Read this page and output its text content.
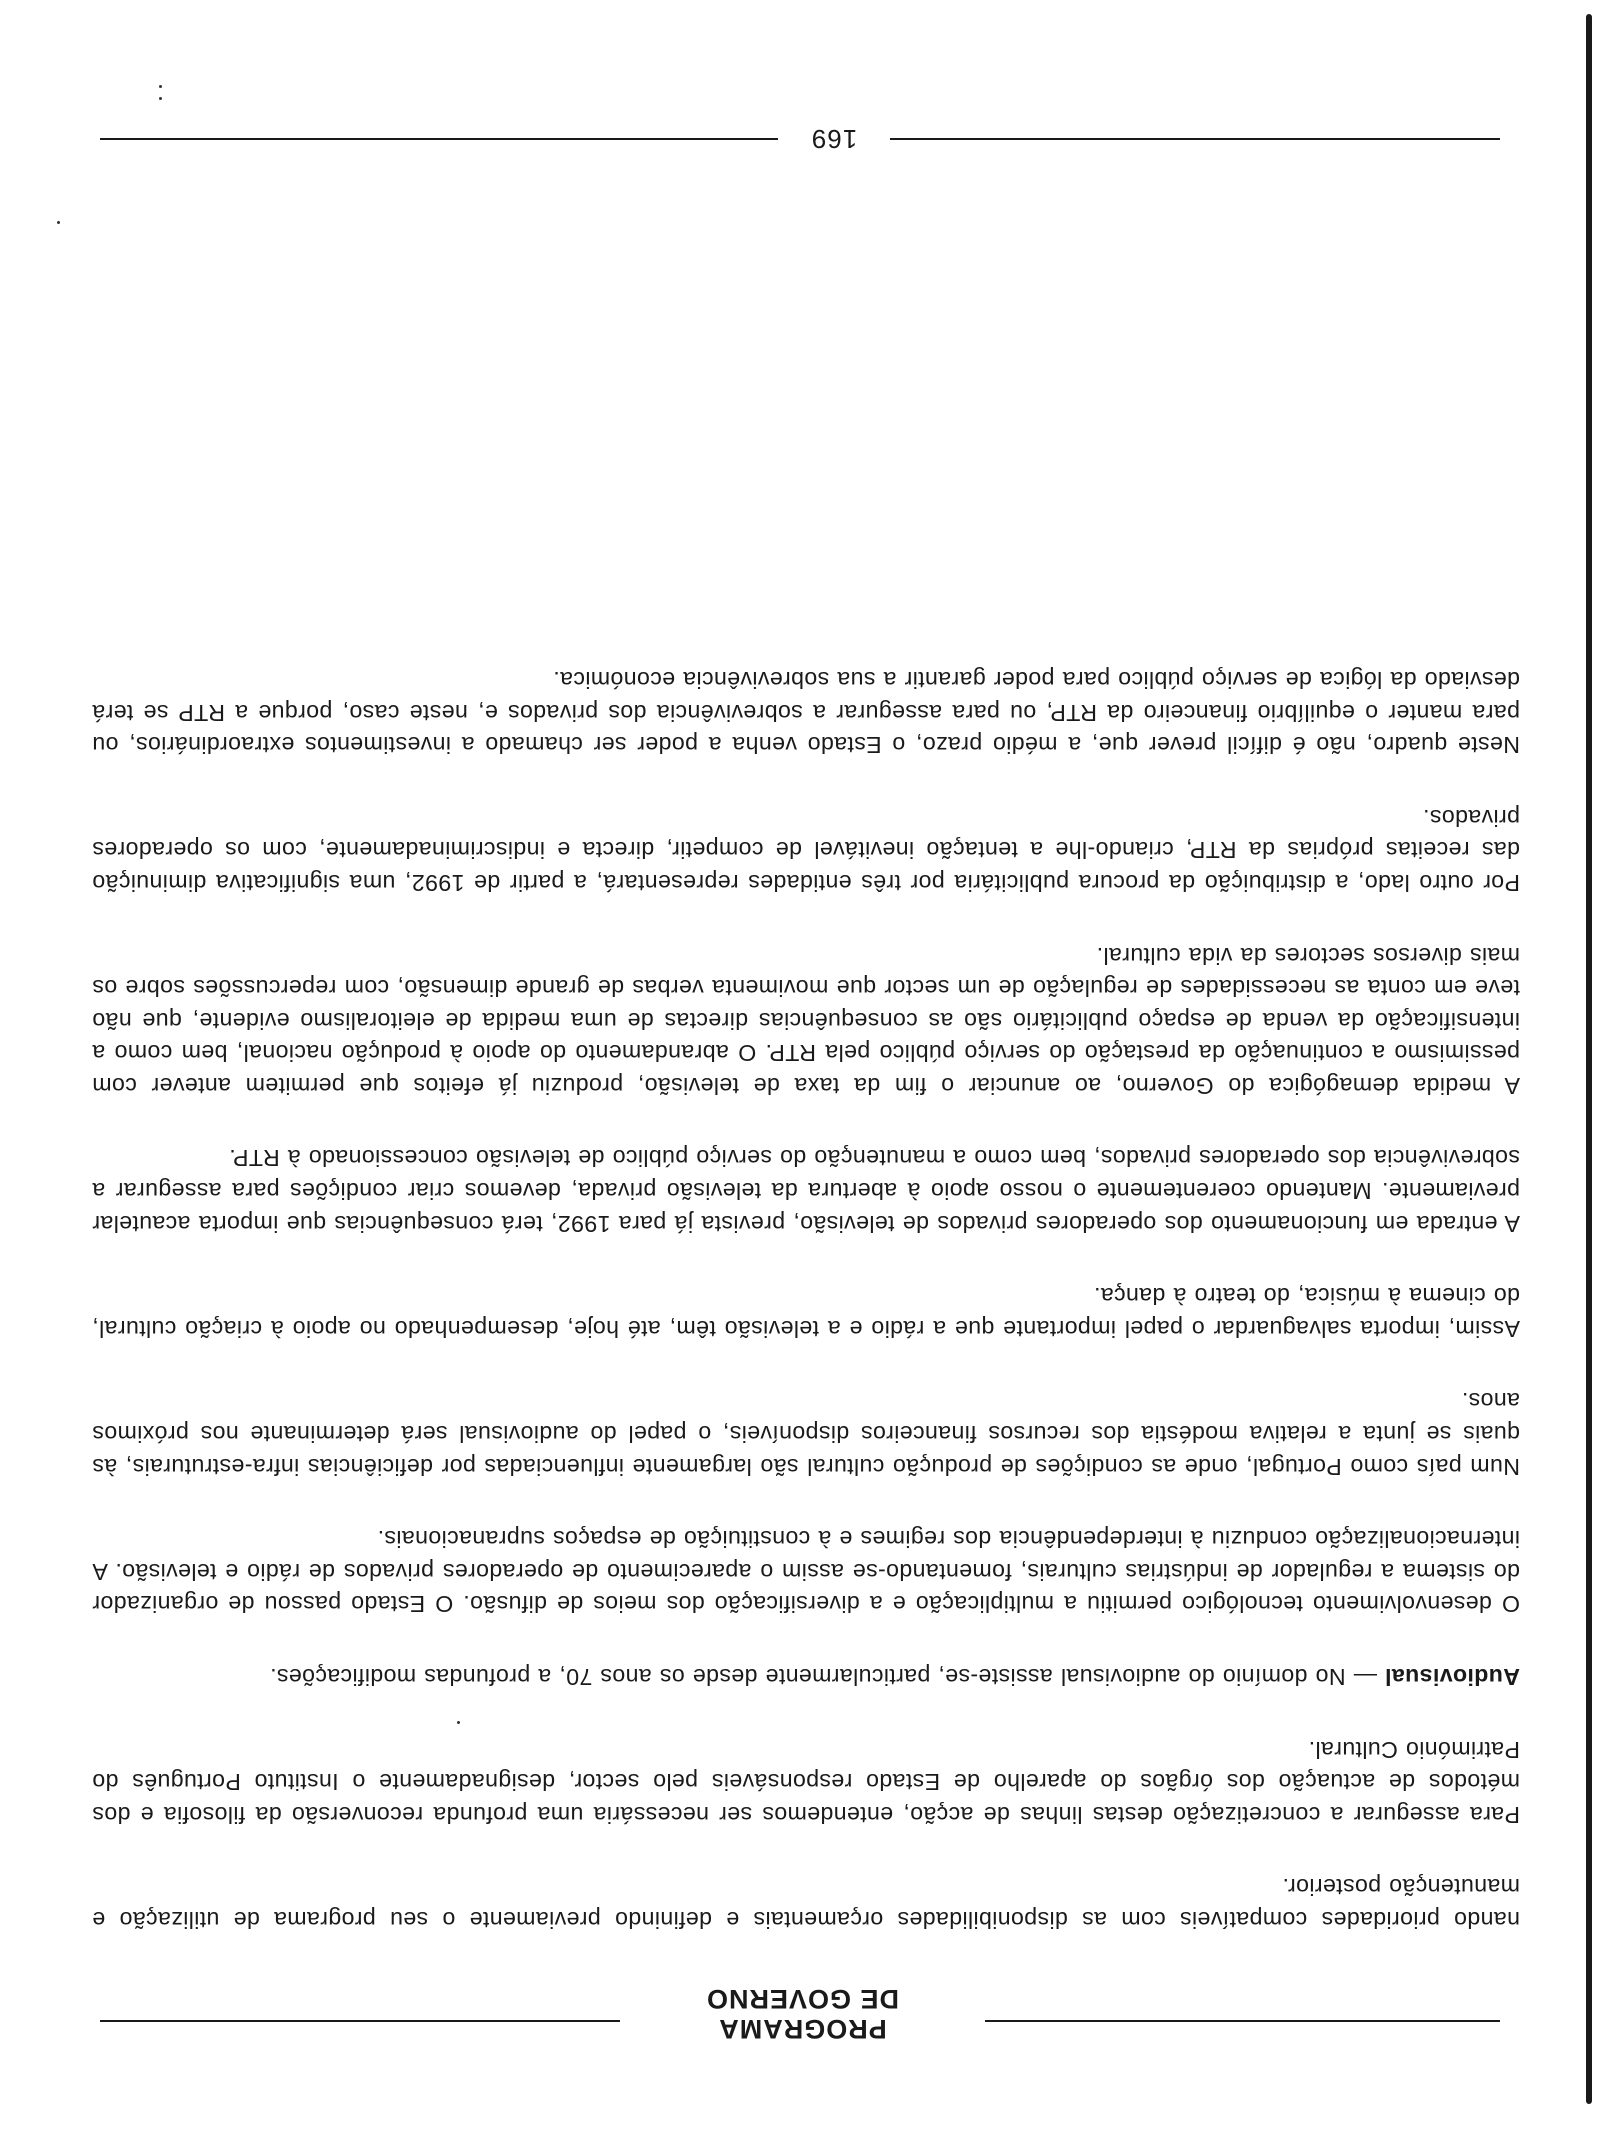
PROGRAMA
DE GOVERNO

nando prioridades compatíveis com as disponibilidades orçamentais e definindo previamente o seu programa de utilização e manutenção posterior.

Para assegurar a concretização destas linhas de acção, entendemos ser necessária uma profunda reconversão da filosofia e dos métodos de actuação dos órgãos do aparelho de Estado responsáveis pelo sector, designadamente o Instituto Português do Património Cultural.

Audiovisual — No domínio do audiovisual assiste-se, particularmente desde os anos 70, a profundas modificações.

O desenvolvimento tecnológico permitiu a multiplicação e a diversificação dos meios de difusão. O Estado passou de organizador do sistema a regulador de indústrias culturais, fomentando-se assim o aparecimento de operadores privados de rádio e televisão. A internacionalização conduziu à interdependência dos regimes e à constituição de espaços supranacionais.

Num país como Portugal, onde as condições de produção cultural são largamente influenciadas por deficiências infra-estruturais, às quais se junta a relativa modéstia dos recursos financeiros disponíveis, o papel do audiovisual será determinante nos próximos anos.

Assim, importa salvaguardar o papel importante que a rádio e a televisão têm, até hoje, desempenhado no apoio à criação cultural, do cinema à música, do teatro à dança.

A entrada em funcionamento dos operadores privados de televisão, prevista já para 1992, terá consequências que importa acautelar previamente. Mantendo coerentemente o nosso apoio à abertura da televisão privada, devemos criar condições para assegurar a sobrevivência dos operadores privados, bem como a manutenção do serviço público de televisão concessionado à RTP.

A medida demagógica do Governo, ao anunciar o fim da taxa de televisão, produziu já efeitos que permitem antever com pessimismo a continuação da prestação do serviço público pela RTP. O abrandamento do apoio à produção nacional, bem como a intensificação da venda de espaço publicitário são as consequências directas de uma medida de eleitoralismo evidente, que não teve em conta as necessidades de regulação de um sector que movimenta verbas de grande dimensão, com repercussões sobre os mais diversos sectores da vida cultural.

Por outro lado, a distribuição da procura publicitária por três entidades representará, a partir de 1992, uma significativa diminuição das receitas próprias da RTP, criando-lhe a tentação inevitável de competir, directa e indiscriminadamente, com os operadores privados.

Neste quadro, não é difícil prever que, a médio prazo, o Estado venha a poder ser chamado a investimentos extraordinários, ou para manter o equilíbrio financeiro da RTP, ou para assegurar a sobrevivência dos privados e, neste caso, porque a RTP se terá desviado da lógica de serviço público para poder garantir a sua sobrevivência económica.

169
